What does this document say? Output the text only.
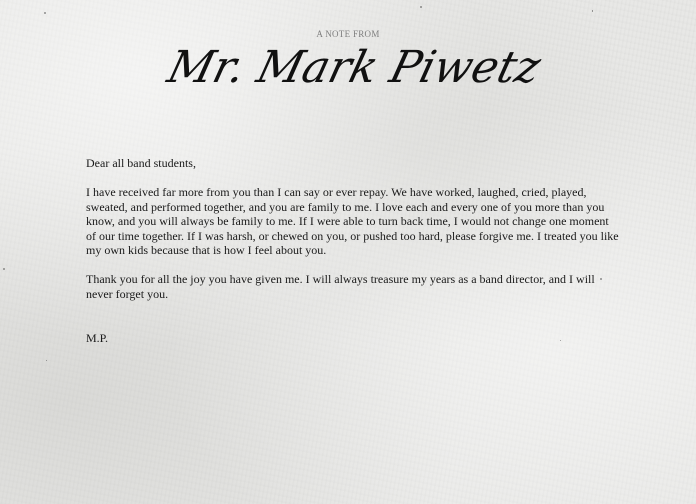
A NOTE FROM
Mr. Mark Piwetz

Dear all band students,

I have received far more from you than I can say or ever repay. We have worked, laughed, cried, played, sweated, and performed together, and you are family to me. I love each and every one of you more than you know, and you will always be family to me. If I were able to turn back time, I would not change one moment of our time together. If I was harsh, or chewed on you, or pushed too hard, please forgive me. I treated you like my own kids because that is how I feel about you.

Thank you for all the joy you have given me. I will always treasure my years as a band director, and I will never forget you.

M.P.
